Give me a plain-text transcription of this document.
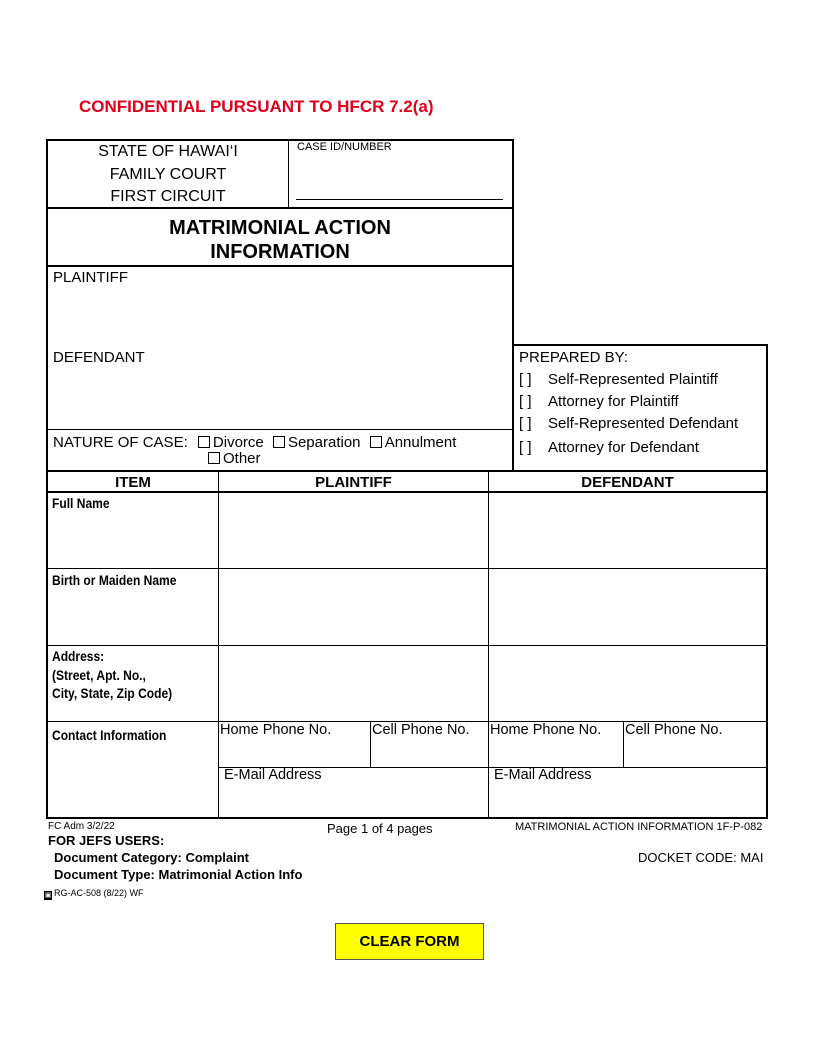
CONFIDENTIAL PURSUANT TO HFCR 7.2(a)
STATE OF HAWAI‘I
FAMILY COURT
FIRST CIRCUIT
CASE ID/NUMBER
MATRIMONIAL ACTION
INFORMATION
PLAINTIFF
DEFENDANT	PREPARED BY:
[ ] Self-Represented Plaintiff
[ ] Attorney for Plaintiff
[ ] Self-Represented Defendant
[ ] Attorney for Defendant
NATURE OF CASE: Divorce Separation Annulment
Other
ITEM	PLAINTIFF	DEFENDANT
Full Name
Birth or Maiden Name
Address:
(Street, Apt. No.,
City, State, Zip Code)
Contact Information	Home Phone No.	Cell Phone No.	Home Phone No.	Cell Phone No.
E-Mail Address	E-Mail Address
FC Adm 3/2/22	Page 1 of 4 pages	MATRIMONIAL ACTION INFORMATION 1F-P-082
FOR JEFS USERS:
Document Category: Complaint
Document Type: Matrimonial Action Info
DOCKET CODE: MAI
▣ RG-AC-508 (8/22) WF
CLEAR FORM
